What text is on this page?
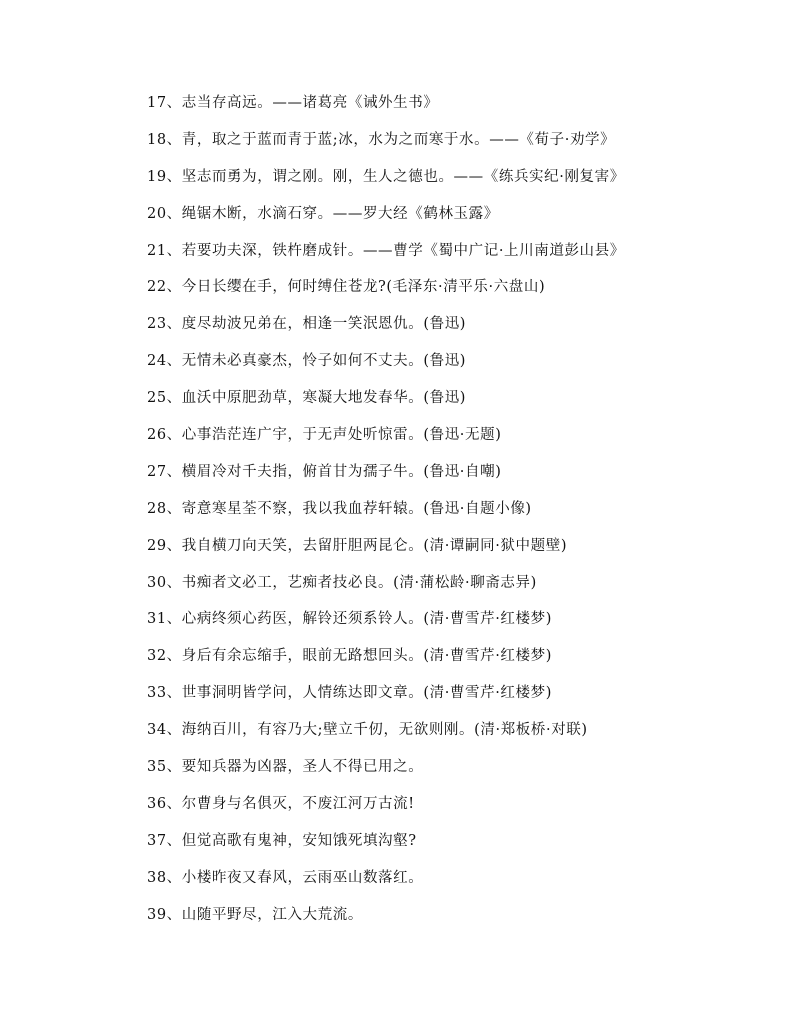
17、志当存高远。——诸葛亮《诫外生书》
18、青，取之于蓝而青于蓝;冰，水为之而寒于水。——《荀子·劝学》
19、坚志而勇为，谓之刚。刚，生人之德也。——《练兵实纪·刚复害》
20、绳锯木断，水滴石穿。——罗大经《鹤林玉露》
21、若要功夫深，铁杵磨成针。——曹学《蜀中广记·上川南道彭山县》
22、今日长缨在手，何时缚住苍龙?(毛泽东·清平乐·六盘山)
23、度尽劫波兄弟在，相逢一笑泯恩仇。(鲁迅)
24、无情未必真豪杰，怜子如何不丈夫。(鲁迅)
25、血沃中原肥劲草，寒凝大地发春华。(鲁迅)
26、心事浩茫连广宇，于无声处听惊雷。(鲁迅·无题)
27、横眉冷对千夫指，俯首甘为孺子牛。(鲁迅·自嘲)
28、寄意寒星荃不察，我以我血荐轩辕。(鲁迅·自题小像)
29、我自横刀向天笑，去留肝胆两昆仑。(清·谭嗣同·狱中题壁)
30、书痴者文必工，艺痴者技必良。(清·蒲松龄·聊斋志异)
31、心病终须心药医，解铃还须系铃人。(清·曹雪芹·红楼梦)
32、身后有余忘缩手，眼前无路想回头。(清·曹雪芹·红楼梦)
33、世事洞明皆学问，人情练达即文章。(清·曹雪芹·红楼梦)
34、海纳百川，有容乃大;壁立千仞，无欲则刚。(清·郑板桥·对联)
35、要知兵器为凶器，圣人不得已用之。
36、尔曹身与名俱灭，不废江河万古流!
37、但觉高歌有鬼神，安知饿死填沟壑?
38、小楼昨夜又春风，云雨巫山数落红。
39、山随平野尽，江入大荒流。
